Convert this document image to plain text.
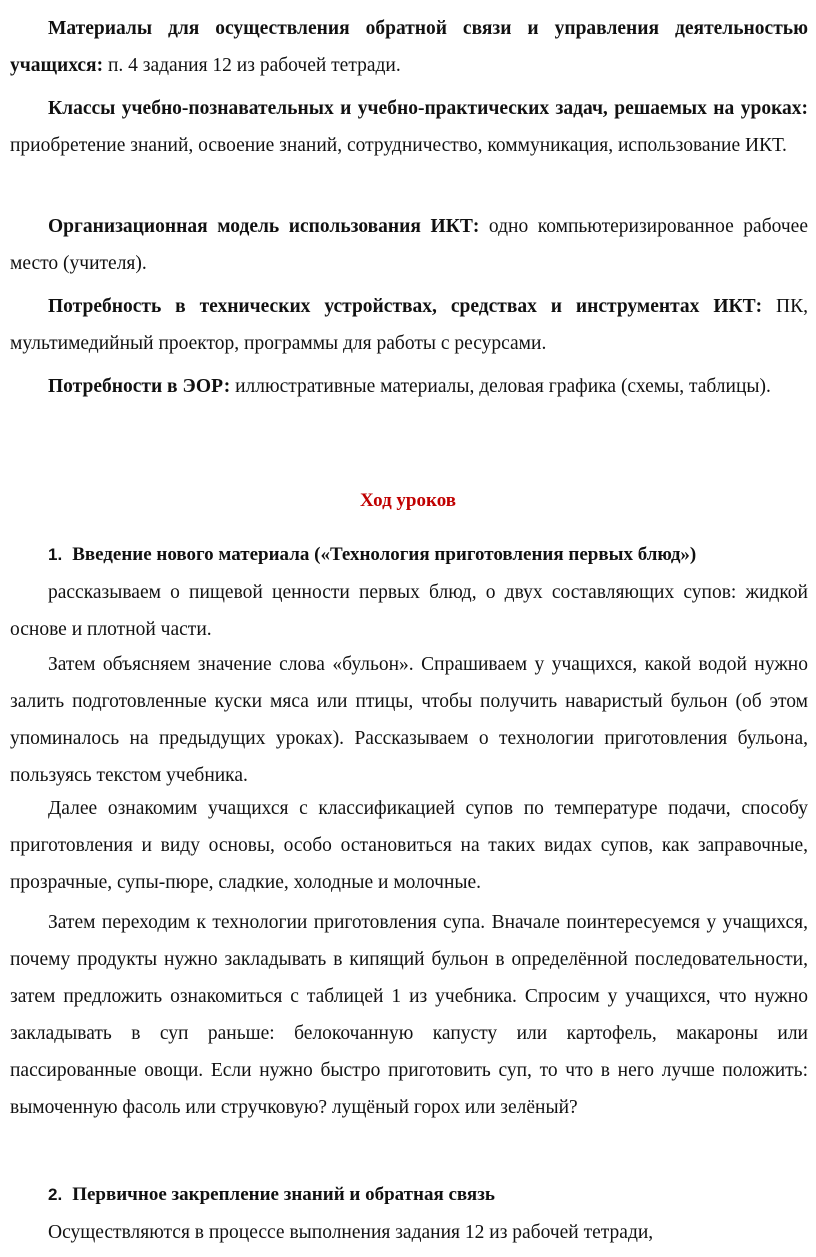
Материалы для осуществления обратной связи и управления деятельностью учащихся: п. 4 задания 12 из рабочей тетради.

Классы учебно-познавательных и учебно-практических задач, решаемых на уроках: приобретение знаний, освоение знаний, сотрудничество, коммуникация, использование ИКТ.

Организационная модель использования ИКТ: одно компьютеризированное рабочее место (учителя).

Потребность в технических устройствах, средствах и инструментах ИКТ: ПК, мультимедийный проектор, программы для работы с ресурсами.

Потребности в ЭОР: иллюстративные материалы, деловая графика (схемы, таблицы).

Ход уроков

1. Введение нового материала («Технология приготовления первых блюд»)

рассказываем о пищевой ценности первых блюд, о двух составляющих супов: жидкой основе и плотной части.

Затем объясняем значение слова «бульон». Спрашиваем у учащихся, какой водой нужно залить подготовленные куски мяса или птицы, чтобы получить наваристый бульон (об этом упоминалось на предыдущих уроках). Рассказываем о технологии приготовления бульона, пользуясь текстом учебника.

Далее ознакомим учащихся с классификацией супов по температуре подачи, способу приготовления и виду основы, особо остановиться на таких видах супов, как заправочные, прозрачные, супы-пюре, сладкие, холодные и молочные.

Затем переходим к технологии приготовления супа. Вначале поинтересуемся у учащихся, почему продукты нужно закладывать в кипящий бульон в определённой последовательности, затем предложить ознакомиться с таблицей 1 из учебника. Спросим у учащихся, что нужно закладывать в суп раньше: белокочанную капусту или картофель, макароны или пассированные овощи. Если нужно быстро приготовить суп, то что в него лучше положить: вымоченную фасоль или стручковую? лущёный горох или зелёный?

2. Первичное закрепление знаний и обратная связь

Осуществляются в процессе выполнения задания 12 из рабочей тетради,
